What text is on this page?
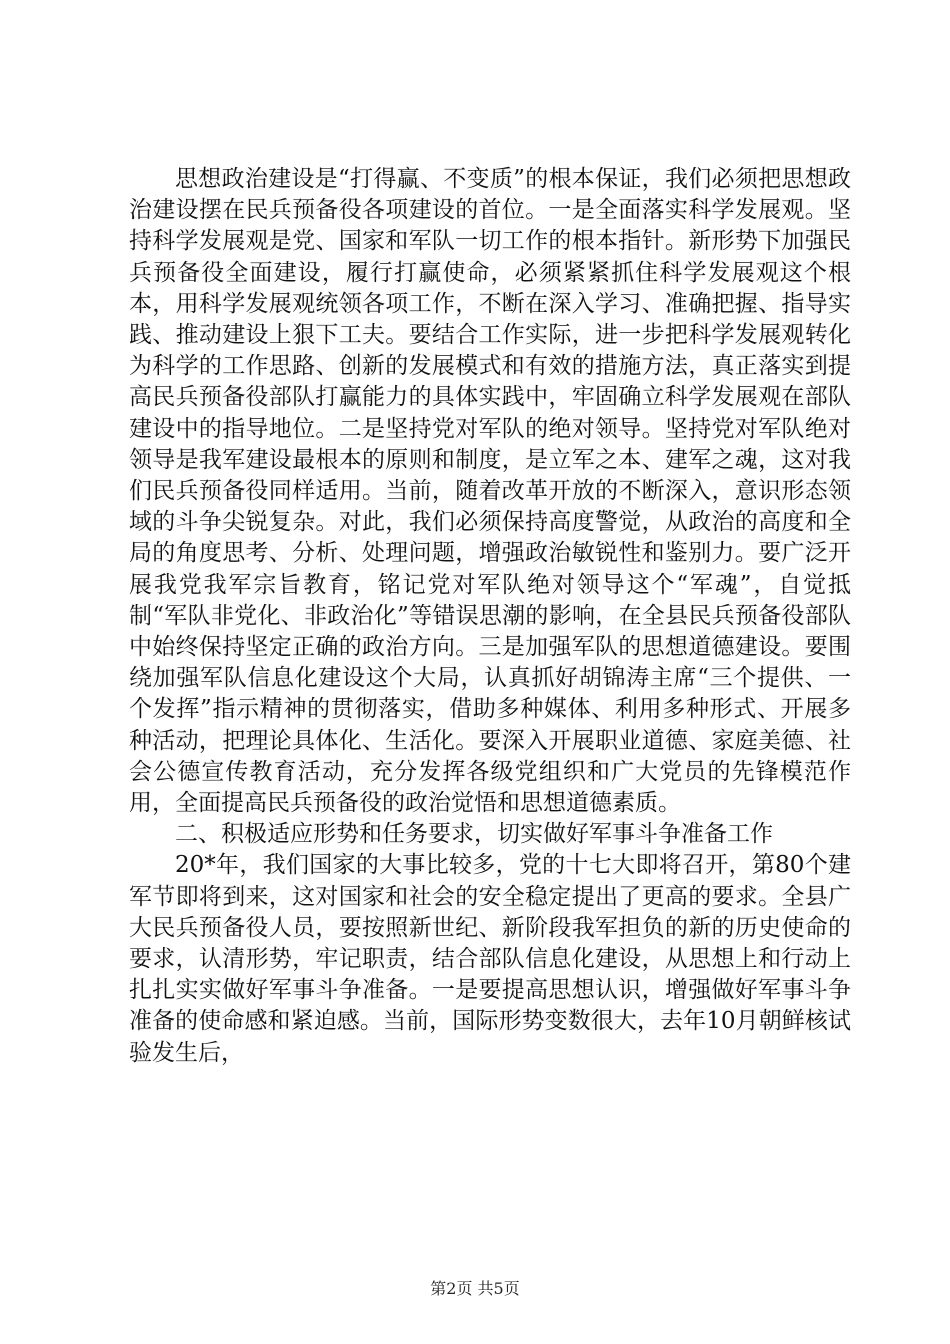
思想政治建设是“打得赢、不变质”的根本保证，我们必须把思想政治建设摆在民兵预备役各项建设的首位。一是全面落实科学发展观。坚持科学发展观是党、国家和军队一切工作的根本指针。新形势下加强民兵预备役全面建设，履行打赢使命，必须紧紧抓住科学发展观这个根本，用科学发展观统领各项工作，不断在深入学习、准确把握、指导实践、推动建设上狠下工夫。要结合工作实际，进一步把科学发展观转化为科学的工作思路、创新的发展模式和有效的措施方法，真正落实到提高民兵预备役部队打赢能力的具体实践中，牢固确立科学发展观在部队建设中的指导地位。二是坚持党对军队的绝对领导。坚持党对军队绝对领导是我军建设最根本的原则和制度，是立军之本、建军之魂，这对我们民兵预备役同样适用。当前，随着改革开放的不断深入，意识形态领域的斗争尖锐复杂。对此，我们必须保持高度警觉，从政治的高度和全局的角度思考、分析、处理问题，增强政治敏锐性和鉴别力。要广泛开展我党我军宗旨教育，铭记党对军队绝对领导这个“军魂”，自觉抵制“军队非党化、非政治化”等错误思潮的影响，在全县民兵预备役部队中始终保持坚定正确的政治方向。三是加强军队的思想道德建设。要围绕加强军队信息化建设这个大局，认真抓好胡锦涛主席“三个提供、一个发挥”指示精神的贯彻落实，借助多种媒体、利用多种形式、开展多种活动，把理论具体化、生活化。要深入开展职业道德、家庭美德、社会公德宣传教育活动，充分发挥各级党组织和广大党员的先锋模范作用，全面提高民兵预备役的政治觉悟和思想道德素质。

二、积极适应形势和任务要求，切实做好军事斗争准备工作

20*年，我们国家的大事比较多，党的十七大即将召开，第80个建军节即将到来，这对国家和社会的安全稳定提出了更高的要求。全县广大民兵预备役人员，要按照新世纪、新阶段我军担负的新的历史使命的要求，认清形势，牢记职责，结合部队信息化建设，从思想上和行动上扎扎实实做好军事斗争准备。一是要提高思想认识，增强做好军事斗争准备的使命感和紧迫感。当前，国际形势变数很大，去年10月朝鲜核试验发生后，

第2页 共5页
